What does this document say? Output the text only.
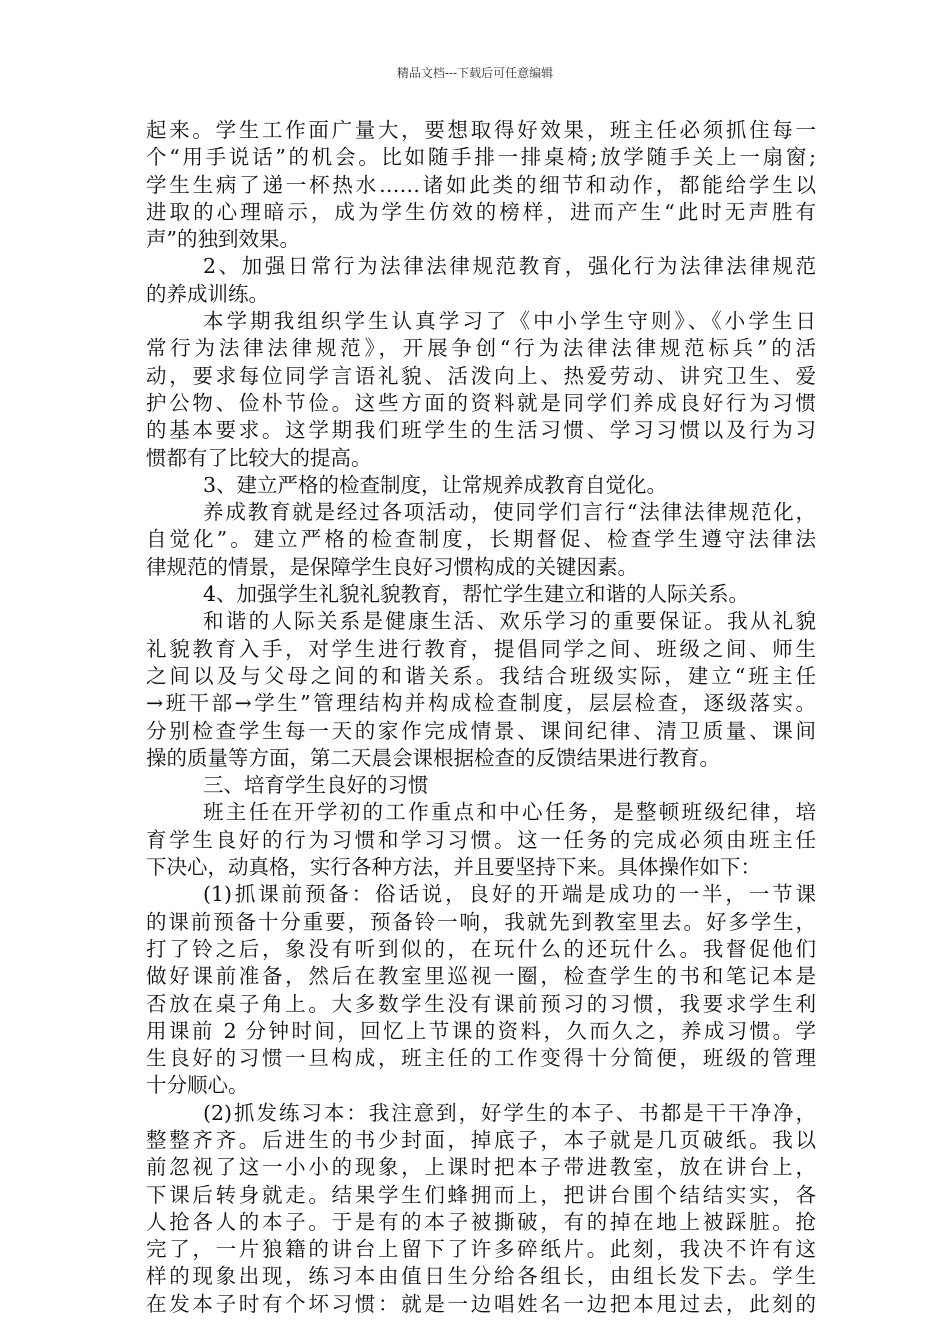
精品文档---下载后可任意编辑
起来。学生工作面广量大，要想取得好效果，班主任必须抓住每一
个“用手说话”的机会。比如随手排一排桌椅;放学随手关上一扇窗;
学生生病了递一杯热水……诸如此类的细节和动作，都能给学生以
进取的心理暗示，成为学生仿效的榜样，进而产生“此时无声胜有
声”的独到效果。
2、加强日常行为法律法律规范教育，强化行为法律法律规范
的养成训练。
本学期我组织学生认真学习了《中小学生守则》、《小学生日
常行为法律法律规范》，开展争创“行为法律法律规范标兵”的活
动，要求每位同学言语礼貌、活泼向上、热爱劳动、讲究卫生、爱
护公物、俭朴节俭。这些方面的资料就是同学们养成良好行为习惯
的基本要求。这学期我们班学生的生活习惯、学习习惯以及行为习
惯都有了比较大的提高。
3、建立严格的检查制度，让常规养成教育自觉化。
养成教育就是经过各项活动，使同学们言行“法律法律规范化，
自觉化”。建立严格的检查制度，长期督促、检查学生遵守法律法
律规范的情景，是保障学生良好习惯构成的关键因素。
4、加强学生礼貌礼貌教育，帮忙学生建立和谐的人际关系。
和谐的人际关系是健康生活、欢乐学习的重要保证。我从礼貌
礼貌教育入手，对学生进行教育，提倡同学之间、班级之间、师生
之间以及与父母之间的和谐关系。我结合班级实际，建立“班主任
→班干部→学生”管理结构并构成检查制度，层层检查，逐级落实。
分别检查学生每一天的家作完成情景、课间纪律、清卫质量、课间
操的质量等方面，第二天晨会课根据检查的反馈结果进行教育。
三、培育学生良好的习惯
班主任在开学初的工作重点和中心任务，是整顿班级纪律，培
育学生良好的行为习惯和学习习惯。这一任务的完成必须由班主任
下决心，动真格，实行各种方法，并且要坚持下来。具体操作如下：
(1)抓课前预备：俗话说，良好的开端是成功的一半，一节课
的课前预备十分重要，预备铃一响，我就先到教室里去。好多学生，
打了铃之后，象没有听到似的，在玩什么的还玩什么。我督促他们
做好课前准备，然后在教室里巡视一圈，检查学生的书和笔记本是
否放在桌子角上。大多数学生没有课前预习的习惯，我要求学生利
用课前 2 分钟时间，回忆上节课的资料，久而久之，养成习惯。学
生良好的习惯一旦构成，班主任的工作变得十分简便，班级的管理
十分顺心。
(2)抓发练习本：我注意到，好学生的本子、书都是干干净净，
整整齐齐。后进生的书少封面，掉底子，本子就是几页破纸。我以
前忽视了这一小小的现象，上课时把本子带进教室，放在讲台上，
下课后转身就走。结果学生们蜂拥而上，把讲台围个结结实实，各
人抢各人的本子。于是有的本子被撕破，有的掉在地上被踩脏。抢
完了，一片狼籍的讲台上留下了许多碎纸片。此刻，我决不许有这
样的现象出现，练习本由值日生分给各组长，由组长发下去。学生
在发本子时有个坏习惯：就是一边唱姓名一边把本甩过去，此刻的
